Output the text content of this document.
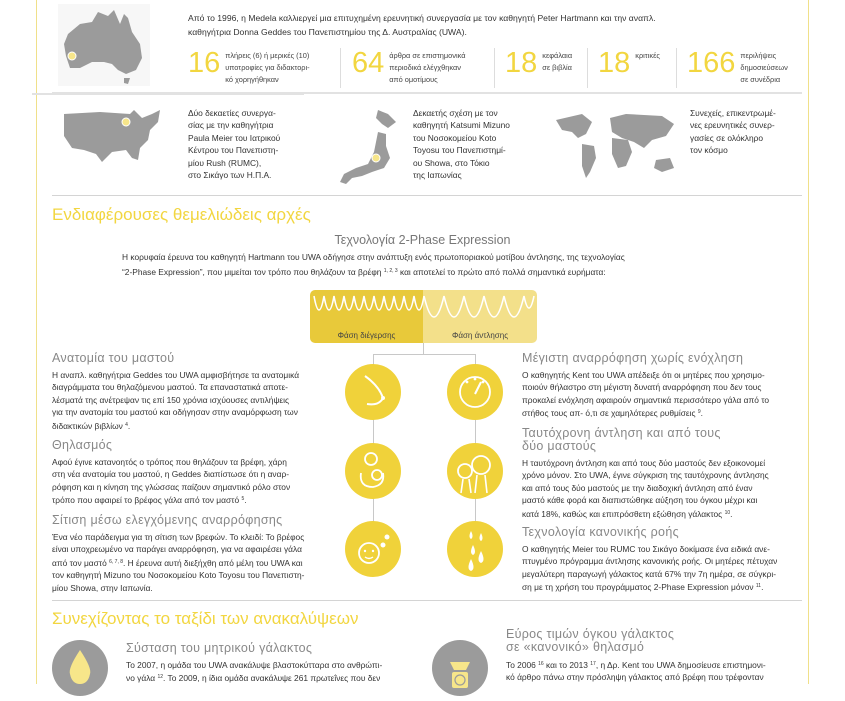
Από το 1996, η Medela καλλιεργεί μια επιτυχημένη ερευνητική συνεργασία με τον καθηγητή Peter Hartmann και την αναπλ.
καθηγήτρια Donna Geddes του Πανεπιστημίου της Δ. Αυστραλίας (UWA).
16 πλήρεις (6) ή μερικές (10)
υποτροφίες για διδακτορι-
κό χορηγήθηκαν
64 άρθρα σε επιστημονικά
περιοδικά ελέγχθηκαν
από ομοτίμους
18 κεφάλαια
σε βιβλία 18 κριτικές 166 περιλήψεις
δημοσιεύσεων
σε συνέδρια
Δύο δεκαετίες συνεργα-
σίας με την καθηγήτρια
Paula Meier του Ιατρικού
Κέντρου του Πανεπιστη-
μίου Rush (RUMC),
στο Σικάγο των Η.Π.Α.
Δεκαετής σχέση με τον
καθηγητή Katsumi Mizuno
του Νοσοκομείου Koto
Toyosu του Πανεπιστημί-
ου Showa, στο Τόκιο
της Ιαπωνίας
Συνεχείς, επικεντρωμέ-
νες ερευνητικές συνερ-
γασίες σε ολόκληρο
τον κόσμο
Ενδιαφέρουσες θεμελιώδεις αρχές
Τεχνολογία 2-Phase Expression
Η κορυφαία έρευνα του καθηγητή Hartmann του UWA οδήγησε στην ανάπτυξη ενός πρωτοποριακού μοτίβου άντλησης, της τεχνολογίας
“2-Phase Expression”, που μιμείται τον τρόπο που θηλάζουν τα βρέφη $^{1, 2, 3}$ και αποτελεί το πρώτο από πολλά σημαντικά ευρήματα:
Φάση διέγερσης	Φάση άντλησης
Ανατομία του μαστού
Η αναπλ. καθηγήτρια Geddes του UWA αμφισβήτησε τα ανατομικά
διαγράμματα του θηλαζόμενου μαστού. Τα επαναστατικά αποτε-
λέσματά της ανέτρεψαν τις επί 150 χρόνια ισχύουσες αντιλήψεις
για την ανατομία του μαστού και οδήγησαν στην αναμόρφωση των
διδακτικών βιβλίων $^4$.
Θηλασμός
Αφού έγινε κατανοητός ο τρόπος που θηλάζουν τα βρέφη, χάρη
στη νέα ανατομία του μαστού, η Geddes διαπίστωσε ότι η αναρ-
ρόφηση και η κίνηση της γλώσσας παίζουν σημαντικό ρόλο στον
τρόπο που αφαιρεί το βρέφος γάλα από τον μαστό $^5$.
Σίτιση μέσω ελεγχόμενης αναρρόφησης
Ένα νέο παράδειγμα για τη σίτιση των βρεφών. Το κλειδί: Το βρέφος
είναι υποχρεωμένο να παράγει αναρρόφηση, για να αφαιρέσει γάλα
από τον μαστό $^{6, 7, 8}$. Η έρευνα αυτή διεξήχθη από μέλη του UWA και
τον καθηγητή Mizuno του Νοσοκομείου Koto Toyosu του Πανεπιστη-
μίου Showa, στην Ιαπωνία.
Μέγιστη αναρρόφηση χωρίς ενόχληση
Ο καθηγητής Kent του UWA απέδειξε ότι οι μητέρες που χρησιμο-
ποιούν θήλαστρο στη μέγιστη δυνατή αναρρόφηση που δεν τους
προκαλεί ενόχληση αφαιρούν σημαντικά περισσότερο γάλα από το
στήθος τους απ- ό,τι σε χαμηλότερες ρυθμίσεις $^9$.
Ταυτόχρονη άντληση και από τους
δύο μαστούς
Η ταυτόχρονη άντληση και από τους δύο μαστούς δεν εξοικονομεί
χρόνο μόνον. Στο UWA, έγινε σύγκριση της ταυτόχρονης άντλησης
και από τους δύο μαστούς με την διαδοχική άντληση από έναν
μαστό κάθε φορά και διαπιστώθηκε αύξηση του όγκου μέχρι και
κατά 18%, καθώς και επιπρόσθετη εξώθηση γάλακτος $^{10}$.
Τεχνολογία κανονικής ροής
Ο καθηγητής Meier του RUMC του Σικάγο δοκίμασε ένα ειδικά ανε-
πτυγμένο πρόγραμμα άντλησης κανονικής ροής. Οι μητέρες πέτυχαν
μεγαλύτερη παραγωγή γάλακτος κατά 67% την 7η ημέρα, σε σύγκρι-
ση με τη χρήση του προγράμματος 2-Phase Expression μόνον $^{11}$.
Συνεχίζοντας το ταξίδι των ανακαλύψεων
Σύσταση του μητρικού γάλακτος
Το 2007, η ομάδα του UWA ανακάλυψε βλαστοκύτταρα στο ανθρώπι-
νο γάλα $^{12}$. Το 2009, η ίδια ομάδα ανακάλυψε 261 πρωτεΐνες που δεν
Εύρος τιμών όγκου γάλακτος
σε «κανονικό» θηλασμό
Το 2006 $^{16}$ και το 2013 $^{17}$, η Δρ. Kent του UWA δημοσίευσε επιστημονι-
κό άρθρο πάνω στην πρόσληψη γάλακτος από βρέφη που τρέφονταν
